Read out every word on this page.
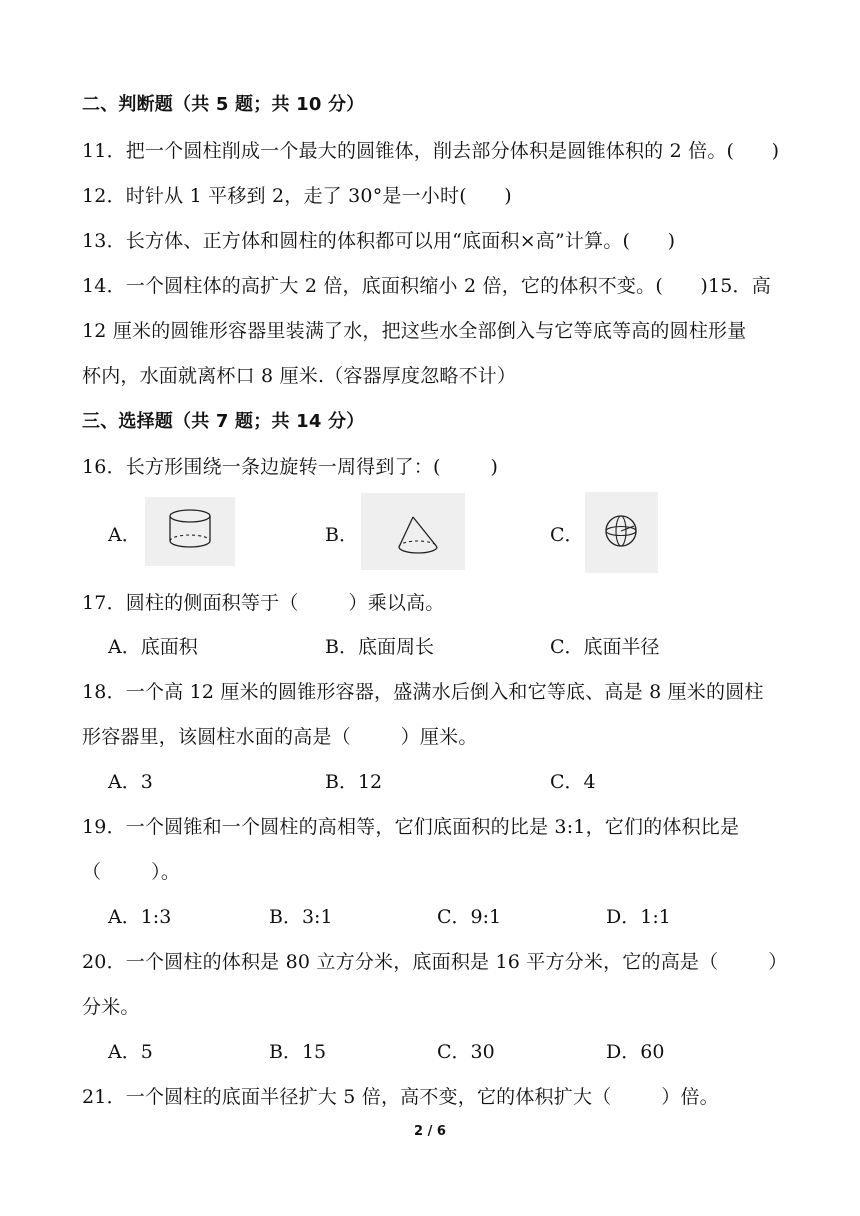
二、判断题（共 5 题；共 10 分）
11．把一个圆柱削成一个最大的圆锥体，削去部分体积是圆锥体积的 2 倍。(      )
12．时针从 1 平移到 2，走了 30°是一小时(      )
13．长方体、正方体和圆柱的体积都可以用“底面积×高”计算。(      )
14．一个圆柱体的高扩大 2 倍，底面积缩小 2 倍，它的体积不变。(      )15．高
12 厘米的圆锥形容器里装满了水，把这些水全部倒入与它等底等高的圆柱形量
杯内，水面就离杯口 8 厘米.（容器厚度忽略不计）
三、选择题（共 7 题；共 14 分）
16．长方形围绕一条边旋转一周得到了：(        )
A．	B．	C．
17．圆柱的侧面积等于（        ）乘以高。
A．底面积	B．底面周长	C．底面半径
18．一个高 12 厘米的圆锥形容器，盛满水后倒入和它等底、高是 8 厘米的圆柱
形容器里，该圆柱水面的高是（        ）厘米。
A．3	B．12	C．4
19．一个圆锥和一个圆柱的高相等，它们底面积的比是 3:1，它们的体积比是
（        ）。
A．1:3	B．3:1	C．9:1	D．1:1
20．一个圆柱的体积是 80 立方分米，底面积是 16 平方分米，它的高是（        ）
分米。
A．5	B．15	C．30	D．60
21．一个圆柱的底面半径扩大 5 倍，高不变，它的体积扩大（        ）倍。
2 / 6
